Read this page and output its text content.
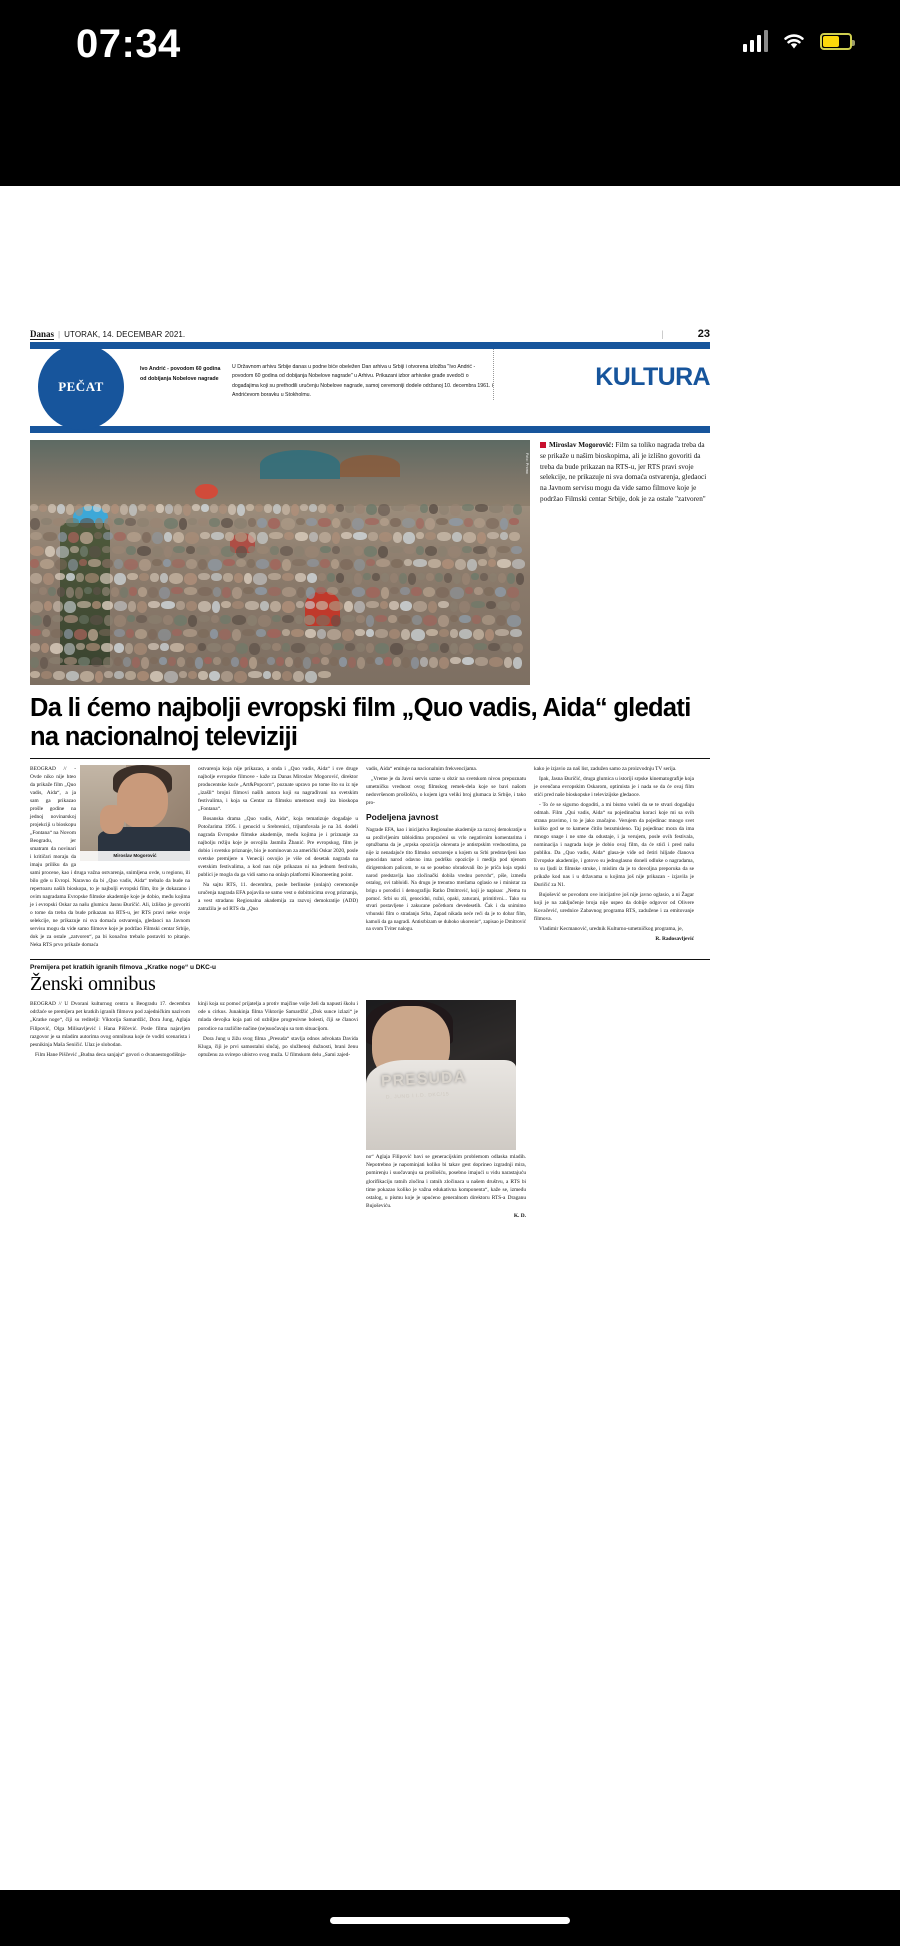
07:34
Danas | UTORAK, 14. DECEMBAR 2021.	|	23
PEČAT
Ivo Andrić - povodom 60 godina od dobijanja Nobelove nagrade
U Državnom arhivu Srbije danas u podne biće obeležen Dan arhiva u Srbiji i otvorena izložba "Ivo Andrić - povodom 60 godina od dobijanja Nobelove nagrade" u Arhivu. Prikazani izbor arhivske građe svedoči o događajima koji su prethodili uručenju Nobelove nagrade, samoj ceremoniji dodele održanoj 10. decembra 1961. i Andrićevom boravku u Stokholmu.
KULTURA
Foto: Promo
Miroslav Mogorović: Film sa toliko nagrada treba da se prikaže u našim bioskopima, ali je izlišno govoriti da treba da bude prikazan na RTS-u, jer RTS pravi svoje selekcije, ne prikazuje ni sva domaća ostvarenja, gledaoci na Javnom servisu mogu da vide samo filmove koje je podržao Filmski centar Srbije, dok je za ostale "zatvoren"
Da li ćemo najbolji evropski film „Quo vadis, Aida“ gledati na nacionalnoj televiziji
Miroslav Mogorović

BEOGRAD // - Ovde niko nije hteo da prikaže film „Quo vadis, Aida“, a ja sam ga prikazao prošle godine na jednoj novinarskoj projekciji u bioskopu „Fontana“ na Novom Beogradu, jer smatram da novinari i kritičari moraju da imaju priliku da ga sami procene, kao i druga važna ostvarenja, snimljena ovde, u regionu, ili bilo gde u Evropi. Naravno da bi „Quo vadis, Aida“ trebalo da bude na repertoaru naših bioskopa, to je najbolji evropski film, što je dokazano i ovim nagradama Evropske filmske akademije koje je dobio, među kojima je i evropski Oskar za našu glumicu Jasnu Đuričić. Ali, izlišno je govoriti o tome da treba da bude prikazan na RTS-u, jer RTS pravi neke svoje selekcije, ne prikazuje ni sva domaća ostvarenja, gledaoci na Javnom servisu mogu da vide samo filmove koje je podržao Filmski centar Srbije, dok je za ostale „zatvoren“, pa bi konačno trebalo postaviti to pitanje. Neka RTS prvo prikaže domaća

ostvarenja koja nije prikazao, a onda i „Quo vadis, Aida“ i sve druge najbolje evropske filmove - kaže za Danas Miroslav Mogorović, direktor producentske kuće „Art&Popcorn“, poznate upravo po tome što su iz nje „izašli“ brojni filmovi naših autora koji su nagrađivani na svetskim festivalima, i koja sa Centar za filmsku umetnost stoji iza bioskopa „Fontana“.

Bosanska drama „Quo vadis, Aida“, koja tematizuje događaje u Potočarima 1995. i genocid u Srebrenici, trijumfovala je na 34. dodeli nagrada Evropske filmske akademije, među kojima je i priznanje za najbolju režiju koje je osvojila Jasmila Žbanić. Pre evropskog, film je dobio i svetsko priznanje, bio je nominovan za američki Oskar 2020, posle svetske premijere u Veneciji osvojio je više od desetak nagrada na svetskim festivalima, a kod nas nije prikazan ni na jednom festivalu, publici je mogla da ga vidi samo na onlajn platformi Kinomeeting point.

Na sajtu RTS, 11. decembra, posle berlinske (onlajn) ceremonije uručenja nagrada EFA pojavila se samo vest o dobitnicima ovog priznanja, a vest stradanu Regionalna akademija za razvoj demokratije (ADD) zatražila je od RTS da „Quo

vadis, Aida“ emituje na nacionalnim frekvencijama.

„Vreme je da Javni servis uzme u obzir na svetskom nivou prepoznatu umetničku vrednost ovog filmskog remek-dela koje se bavi našom nedovršenom prošlošću, o kojem igra veliki broj glumaca iz Srbije, i tako pro-

Podeljena javnost

Nagrade EFA, kao i inicijativa Regionalne akademije za razvoj demokratije u sa proživljenim tabloidima propraćeni su vrlo negativnim komentarima i optužbama da je „srpska opozicija okrenuta je antisrpskim vrednostima, pa nije iz nenadajuće tito filmsko ostvarenje u kojem su Srbi predstavljeni kao genocidan narod odavno ima podršku opozicije i medija pod njenom dirigentskom palicom, te su se posebno obradovali što je priča koja srpski narod predstavlja kao zločinački dobila vrednu potvrdu“, piše, između ostalog, ovi tabloidi. Na drugu je trenutno mrežama oglasio se i ministar za brigu o porodici i demografiju Ratko Dmitrović, koji je napisao: „Nema tu pomoć. Srbi su zli, genocidni, ružni, opaki, zatucani, primitivni... Tako su stvari postavljene i zakucane početkom devedesetih. Čak i da snimimo vrhunski film o stradanju Srba, Zapad nikada neće reći da je to dobar film, kamoli da ga nagradi. Antisrbizam se duboko ukorenio“, zapisao je Dmitrović na svom Tviter nalogu.

kako je izjavio za naš list, zadužen samo za proizvodnju TV serija.

Ipak, Jasna Đuričić, druga glumica u istoriji srpske kinematografije koja je ovenčana evropskim Oskarom, optimista je i nada se da će ovaj film stići pred naše bioskopske i televizijske gledaoce.

- To će se sigurno dogoditi, a mi bismo voleli da se te stvari događaju odmah. Film „Qui vadis, Aida“ su pojedinačna koraci koje mi sa svih strana pravimo, i to je jako značajno. Verujem da pojedinac mnogo svet koliko god se to kamene čitilo bezsmisleno. Taj pojedinac mora da ima mnogo snage i ne sme da odustaje, i ja verujem, posle ovih festivala, nominacija i nagrada koje je dobio ovaj film, da će stići i pred našu publiku. Da „Quo vadis, Aida“ glasa-je viđe od četiri hiljade članova Evropske akademije, i gotovo su jednoglasno doneli odluke o nagradama, to su ljudi iz filmske struke, i mislim da je to dovoljna preporuka da se prikaže kod nas i u državama u kojima još nije prikazan - izjavila je Đuričić za N1.

Bujošević se povodom ove inicijative još nije javno oglasio, a ni Žagar koji je na zaključenje broja nije uspeo da dobije odgovor od Olivere Kovačević, urednice Zabavnog programa RTS, zadužene i za emitovanje filmova.

Vladimir Kecmanović, urednik Kulturno-umetničkog programa, je,

R. Radosavljević
Premijera pet kratkih igranih filmova „Kratke noge“ u DKC-u
Ženski omnibus

BEOGRAD // U Dvorani kulturnog centra u Beogradu 17. decembra održaće se premijera pet kratkih igranih filmova pod zajedničkim nazivom „Kratke noge“, čiji su reditelji: Viktorija Samardžić, Dora Jung, Aglaja Filipović, Olga Milisavljević i Hana Piščević. Posle filma najavljen razgovor je sa mladim autorima ovog omnibusa koje će voditi scenarista i pesnikinja Maša Seničić. Ulaz je slobodan.

Film Hane Piščević „Budna deca sanjaju“ govori o dvanaestogodišnja-

kinji koja uz pomoć prijatelja a protiv majčine volje želi da napusti školu i ode u cirkus. Junakinja filma Viktorije Samardžić „Dok sunce izlazi“ je mlada devojka koja pati od ozbiljne progresivne bolesti, čiji se članovi porodice na različite načine (ne)suočavaju sa tom situacijom.

Dora Jung u žižu svog filma „Presuda“ stavlja odnos advokata Davida Kluga, čiji je prvi samostalni slučaj, po službenoj dužnosti, brani ženu optuženu za svirepo ubistvo svog muža. U filmskom delu „Sami zajed-

PRESUDA
D. JUNG I I.D. DKC/15

no“ Aglaja Filipović bavi se generacijskim problemom odlaska mladih. Nepotrebno je napominjati koliko bi takav gest doprineo izgradnji mira, pomirenju i suočavanju sa prošlošću, posebno imajući u vidu narastajuću glorifikaciju ratnih zločina i ratnih zločinaca u našem društvu, a RTS bi time pokazao koliko je važna edukativna komponenta“, kaže se, između ostalog, u pismu koje je upućeno generalnom direktoru RTS-a Draganu Bujoševiću.

K. D.
